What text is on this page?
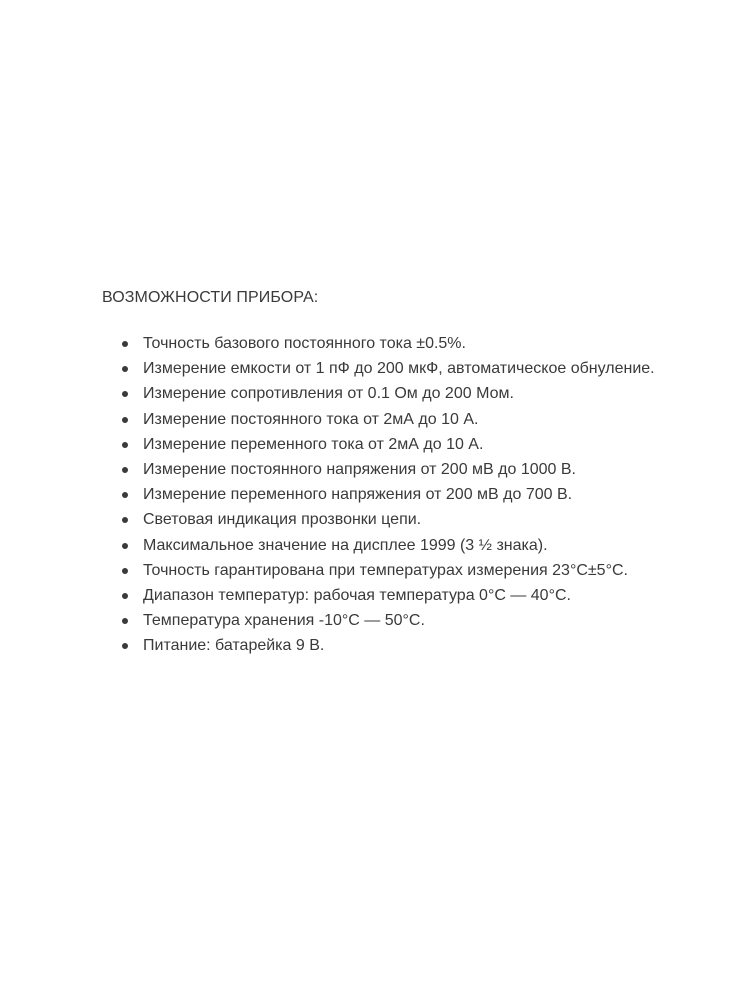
ВОЗМОЖНОСТИ ПРИБОРА:
Точность базового постоянного тока ±0.5%.
Измерение емкости от 1 пФ до 200 мкФ, автоматическое обнуление.
Измерение сопротивления от 0.1 Ом до 200 Мом.
Измерение постоянного тока от 2мА до 10 А.
Измерение переменного тока от 2мА до 10 А.
Измерение постоянного напряжения от 200 мВ до 1000 В.
Измерение переменного напряжения от 200 мВ до 700 В.
Световая индикация прозвонки цепи.
Максимальное значение на дисплее 1999 (3 ½ знака).
Точность гарантирована при температурах измерения 23°C±5°C.
Диапазон температур: рабочая температура 0°C — 40°C.
Температура хранения -10°C — 50°C.
Питание: батарейка 9 В.
